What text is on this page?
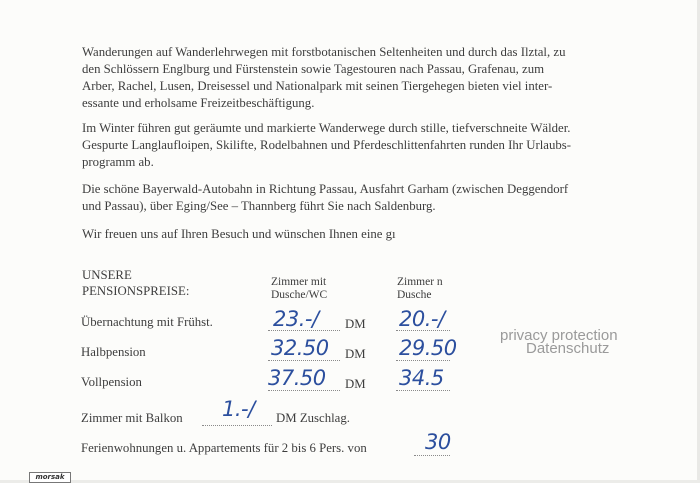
Wanderungen auf Wanderlehrwegen mit forstbotanischen Seltenheiten und durch das Ilztal, zu
den Schlössern Englburg und Fürstenstein sowie Tagestouren nach Passau, Grafenau, zum
Arber, Rachel, Lusen, Dreisessel und Nationalpark mit seinen Tiergehegen bieten viel inter-
essante und erholsame Freizeitbeschäftigung.
Im Winter führen gut geräumte und markierte Wanderwege durch stille, tiefverschneite Wälder.
Gespurte Langlaufloipen, Skilifte, Rodelbahnen und Pferdeschlittenfahrten runden Ihr Urlaubs-
programm ab.
Die schöne Bayerwald-Autobahn in Richtung Passau, Ausfahrt Garham (zwischen Deggendorf
und Passau), über Eging/See – Thannberg führt Sie nach Saldenburg.
Wir freuen uns auf Ihren Besuch und wünschen Ihnen eine gı
UNSERE
PENSIONSPREISE:
Zimmer mit
Dusche/WC
Zimmer n
Dusche
Übernachtung mit Frühst.	23.-/ DM 20.-/
Halbpension	32.50 DM 29.50
Vollpension	37.50 DM 34.5
Zimmer mit Balkon 1.-/ DM Zuschlag.
Ferienwohnungen u. Appartements für 2 bis 6 Pers. von	30
privacy protection
Datenschutz
morsak
